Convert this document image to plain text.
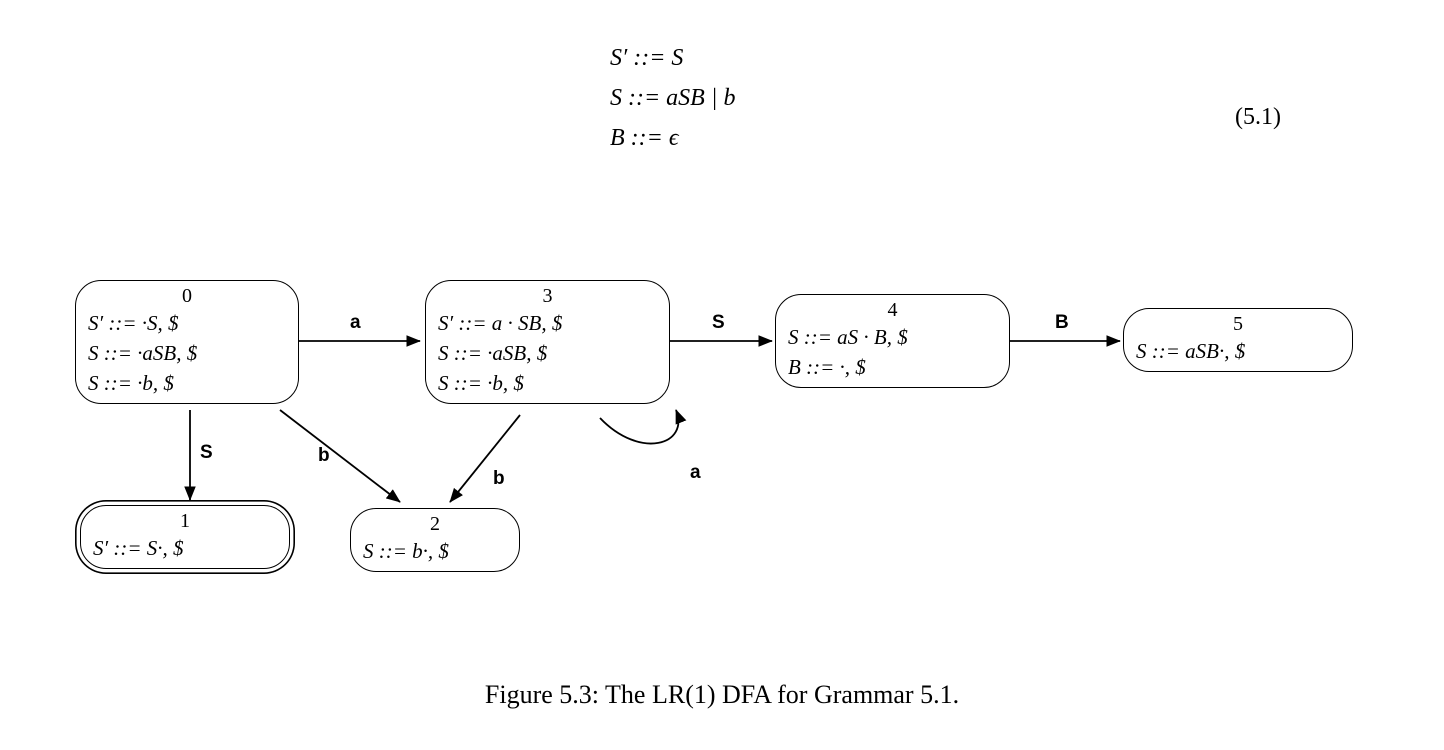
S′ ::= S
S ::= aSB | b
B ::= ϵ
(5.1)
0
S′ ::= ·S, $
S ::= ·aSB, $
S ::= ·b, $
3
S′ ::= a · SB, $
S ::= ·aSB, $
S ::= ·b, $
4
S ::= aS · B, $
B ::= ·, $
5
S ::= aSB·, $
1
S′ ::= S·, $
2
S ::= b·, $
a	S	B
S	b
b	a
Figure 5.3: The LR(1) DFA for Grammar 5.1.
